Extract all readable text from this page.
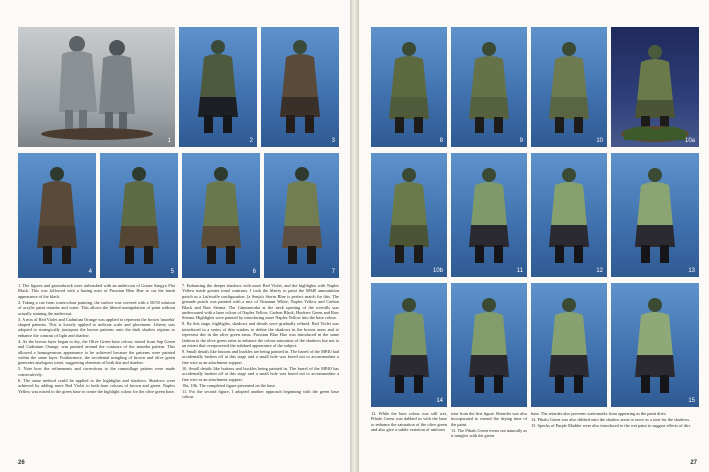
1	2	3
4	5	6	7

1. The figures and groundwork were airbrushed with an undercoat of Gunze Sangyo Flat Black. This was followed with a hazing mist of Prussian Blue Hue to cut the harsh appearance of the black.

2. Taking a cue from watercolour painting, the surface was covered with a 50/50 solution of acrylic paint retarder and water. This allows the liberal manipulation of paint without actually staining the undercoat.

3. A mix of Red Violet and Cadmium Orange was applied to represent the brown 'amoeba' shaped patterns. This is loosely applied to indicate scale and placement. Liberty was adopted to strategically juxtapose the brown patterns onto the dark shadow regions to enhance the contrast of light and shadow.

4. As the brown layer began to dry, the Olive Green base colour, mixed from Sap Green and Cadmium Orange, was painted around the contours of the amoeba pattern. This allowed a homogeneous appearance to be achieved because the patterns were painted within the same layer. Furthermore, the accidental mingling of brown and olive green generates analogous tones, suggesting elements of both dirt and shadow.

5. Note how the refinements and corrections to the camouflage pattern were made consecutively.

6. The same method could be applied to the highlights and shadows. Shadows were achieved by adding more Red Violet to both base colours of brown and green. Naples Yellow was mixed to the green base to create the highlight colour for the olive green base.

7. Enhancing the deeper shadows with more Red Violet, and the highlights with Naples Yellow made greater tonal contrasts. I took the liberty to paint the M940 ammunition pouch as a Luftwaffe configuration. [a Senja's Storm Blue is perfect match for this. The grenade pouch was painted with a mix of Titanium White, Naples Yellow and Carbon Black and Raw Sienna. The Gimnastorka at the neck opening of the overalls was undercoated with a base colour of Naples Yellow, Carbon Black, Hookers Green and Raw Sienna. Highlights were painted by introducing more Naples Yellow into the base colour.

8. By this stage, highlights, shadows and details were gradually refined. Red Violet was introduced in a series of thin washes to define the shadows in the brown areas and to represent dirt in the olive green areas. Prussian Blue Hue was introduced in the same fashion to the olive green areas to enhance the colour saturation of the shadows but not to an extent that overpowered the subdued appearance of the subject.

9. Small details like buttons and buckles are being painted in. The barrel of the MP40 had accidentally broken off at this stage and a small hole was bored out to accommodate a fine wire as an attachment support.

10. Small details like buttons and buckles being painted in. The barrel of the MP40 has accidentally broken off at this stage and a small hole was bored out to accommodate a fine wire as an attachment support.

10a, 10b. The completed figure presented on the base.

11. For the second figure, I adopted another approach beginning with the green base colour.

26
8	9	10	10a
10b	11	12	13
14	15

12. While the base colour was still wet, Pthalo Green was dabbed in with the base to enhance the saturation of the olive green and also give a subtle variation of uniform

tone from the first figure. Retarder was also incorporated to extend the drying time of the paint.

13. The Pthalo Green evens out naturally as it mingles with the green

base. The retarder also prevents watermarks from appearing as the paint dries.

14. Pthalo Green was also dabbed onto the shadow areas to serve as a tone for the shadows.

15. Specks of Purple Madder were also introduced to the wet paint to suggest effects of dirt.

27
